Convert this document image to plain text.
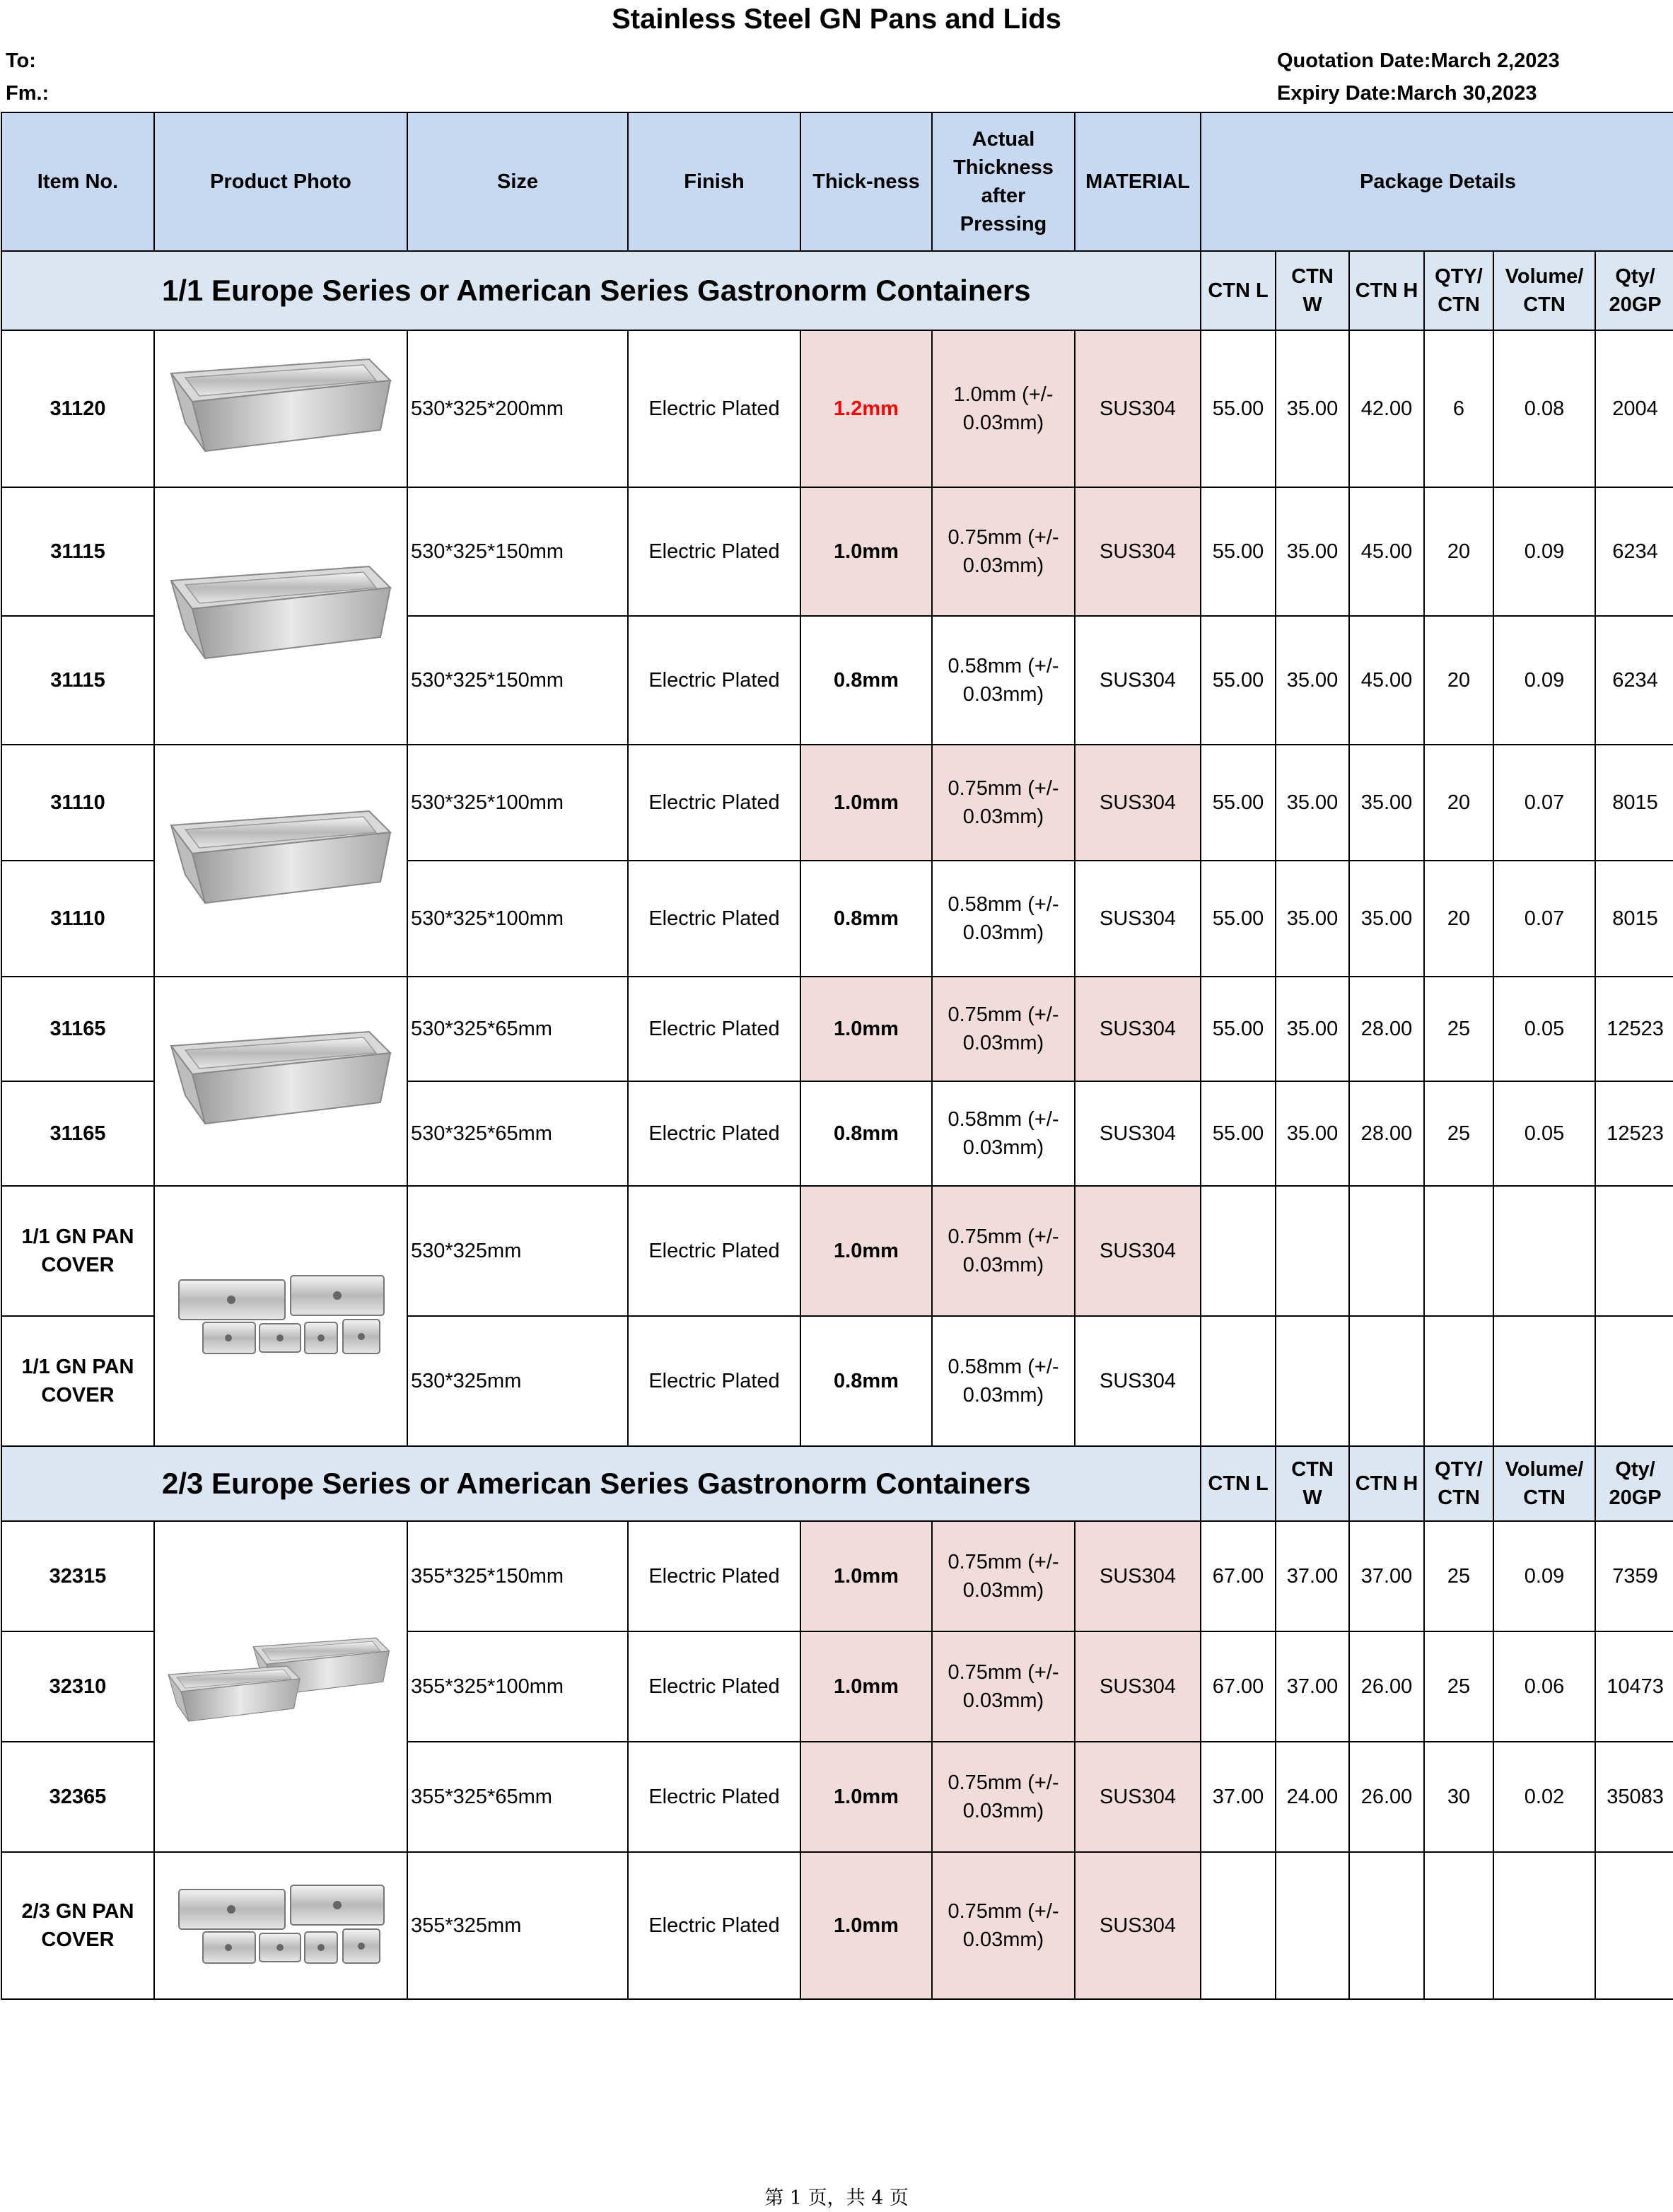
Stainless Steel GN Pans and Lids
To:
Fm.:
Quotation Date:March 2,2023
Expiry Date:March 30,2023
Item No.	Product Photo	Size	Finish	Thick-ness	Actual Thickness after Pressing	MATERIAL	Package Details					
1/1 Europe Series or American Series Gastronorm Containers							CTN L	CTN W	CTN H	QTY/ CTN	Volume/ CTN	Qty/ 20GP
31120		530*325*200mm	Electric Plated	1.2mm	1.0mm (+/- 0.03mm)	SUS304	55.00	35.00	42.00	6	0.08	2004
31115		530*325*150mm	Electric Plated	1.0mm	0.75mm (+/- 0.03mm)	SUS304	55.00	35.00	45.00	20	0.09	6234
31115		530*325*150mm	Electric Plated	0.8mm	0.58mm (+/- 0.03mm)	SUS304	55.00	35.00	45.00	20	0.09	6234
31110		530*325*100mm	Electric Plated	1.0mm	0.75mm (+/- 0.03mm)	SUS304	55.00	35.00	35.00	20	0.07	8015
31110		530*325*100mm	Electric Plated	0.8mm	0.58mm (+/- 0.03mm)	SUS304	55.00	35.00	35.00	20	0.07	8015
31165		530*325*65mm	Electric Plated	1.0mm	0.75mm (+/- 0.03mm)	SUS304	55.00	35.00	28.00	25	0.05	12523
31165		530*325*65mm	Electric Plated	0.8mm	0.58mm (+/- 0.03mm)	SUS304	55.00	35.00	28.00	25	0.05	12523
1/1 GN PAN COVER		530*325mm	Electric Plated	1.0mm	0.75mm (+/- 0.03mm)	SUS304						
1/1 GN PAN COVER		530*325mm	Electric Plated	0.8mm	0.58mm (+/- 0.03mm)	SUS304						
2/3 Europe Series or American Series Gastronorm Containers							CTN L	CTN W	CTN H	QTY/ CTN	Volume/ CTN	Qty/ 20GP
32315		355*325*150mm	Electric Plated	1.0mm	0.75mm (+/- 0.03mm)	SUS304	67.00	37.00	37.00	25	0.09	7359
32310		355*325*100mm	Electric Plated	1.0mm	0.75mm (+/- 0.03mm)	SUS304	67.00	37.00	26.00	25	0.06	10473
32365		355*325*65mm	Electric Plated	1.0mm	0.75mm (+/- 0.03mm)	SUS304	37.00	24.00	26.00	30	0.02	35083
2/3 GN PAN COVER		355*325mm	Electric Plated	1.0mm	0.75mm (+/- 0.03mm)	SUS304						
第 1 页，共 4 页
